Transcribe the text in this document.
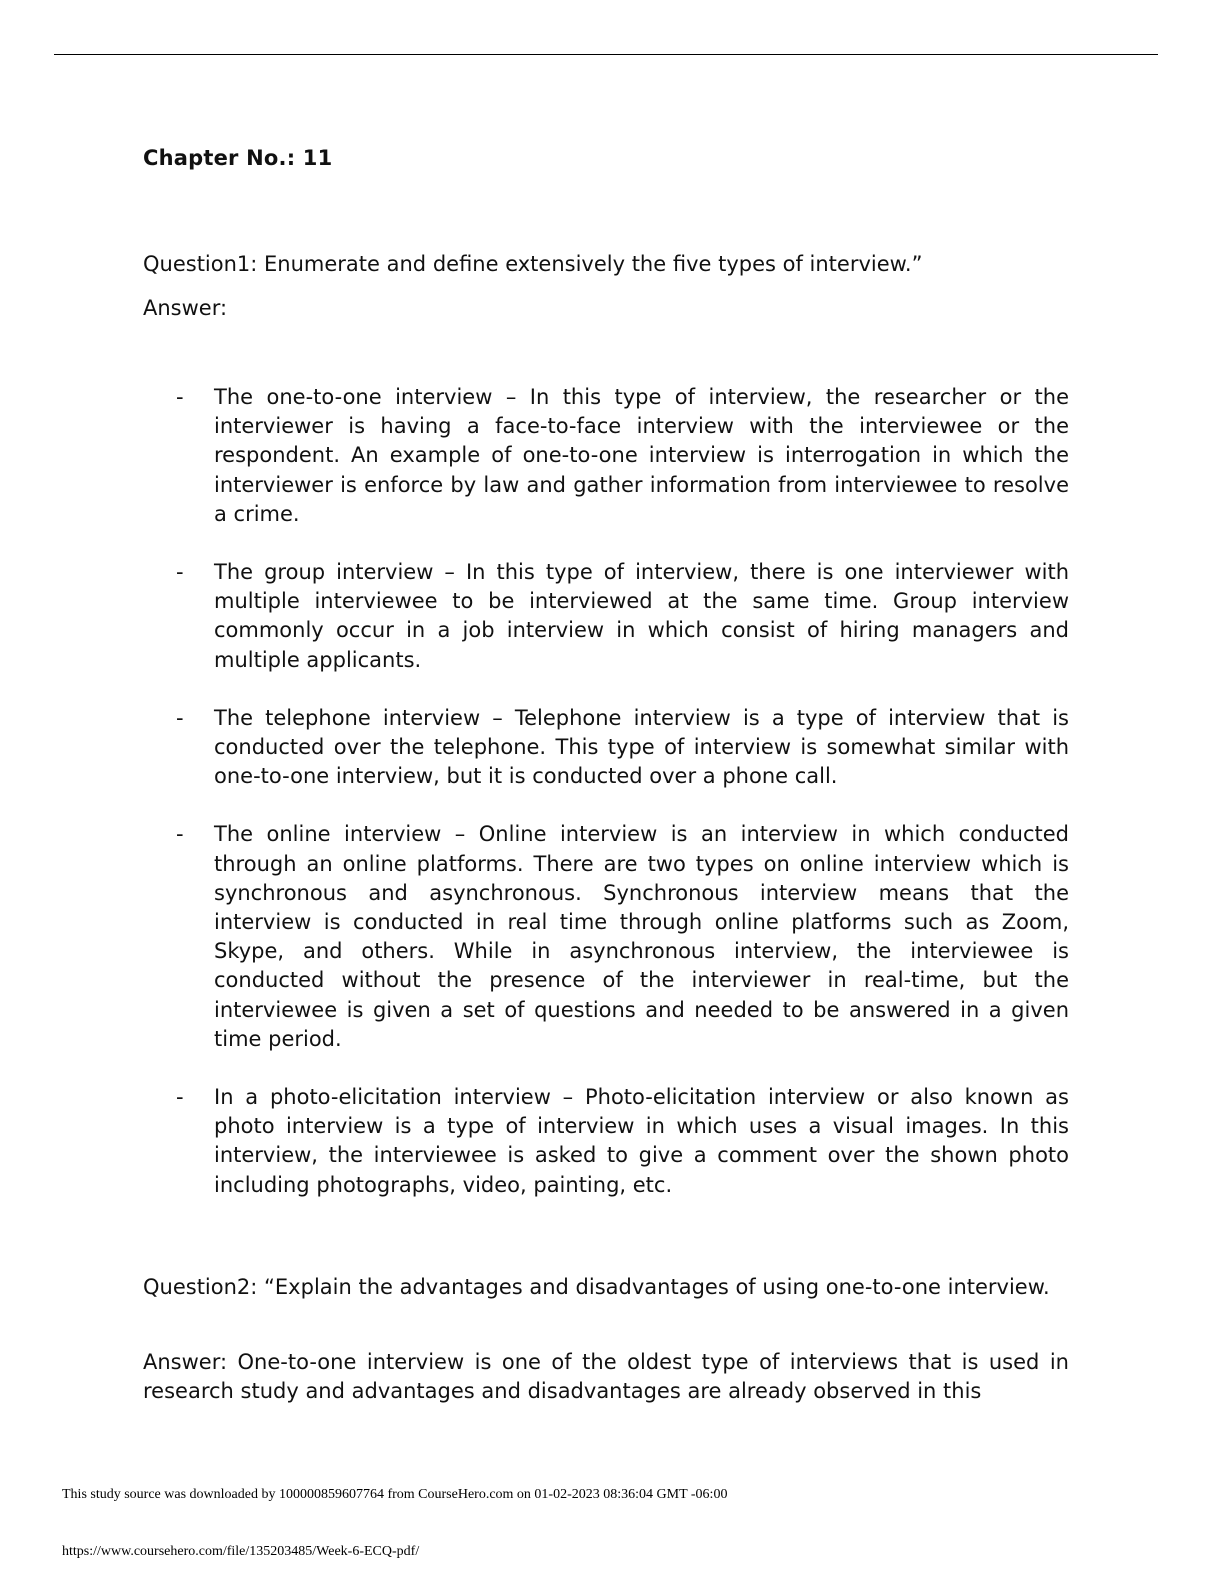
Chapter No.: 11
Question1: Enumerate and define extensively the five types of interview.”
Answer:
- The one-to-one interview – In this type of interview, the researcher or the interviewer is having a face-to-face interview with the interviewee or the respondent. An example of one-to-one interview is interrogation in which the interviewer is enforce by law and gather information from interviewee to resolve a crime.
- The group interview – In this type of interview, there is one interviewer with multiple interviewee to be interviewed at the same time. Group interview commonly occur in a job interview in which consist of hiring managers and multiple applicants.
- The telephone interview – Telephone interview is a type of interview that is conducted over the telephone. This type of interview is somewhat similar with one-to-one interview, but it is conducted over a phone call.
- The online interview – Online interview is an interview in which conducted through an online platforms. There are two types on online interview which is synchronous and asynchronous. Synchronous interview means that the interview is conducted in real time through online platforms such as Zoom, Skype, and others. While in asynchronous interview, the interviewee is conducted without the presence of the interviewer in real-time, but the interviewee is given a set of questions and needed to be answered in a given time period.
- In a photo-elicitation interview – Photo-elicitation interview or also known as photo interview is a type of interview in which uses a visual images. In this interview, the interviewee is asked to give a comment over the shown photo including photographs, video, painting, etc.
Question2: “Explain the advantages and disadvantages of using one-to-one interview.
Answer: One-to-one interview is one of the oldest type of interviews that is used in research study and advantages and disadvantages are already observed in this
This study source was downloaded by 100000859607764 from CourseHero.com on 01-02-2023 08:36:04 GMT -06:00
https://www.coursehero.com/file/135203485/Week-6-ECQ-pdf/
